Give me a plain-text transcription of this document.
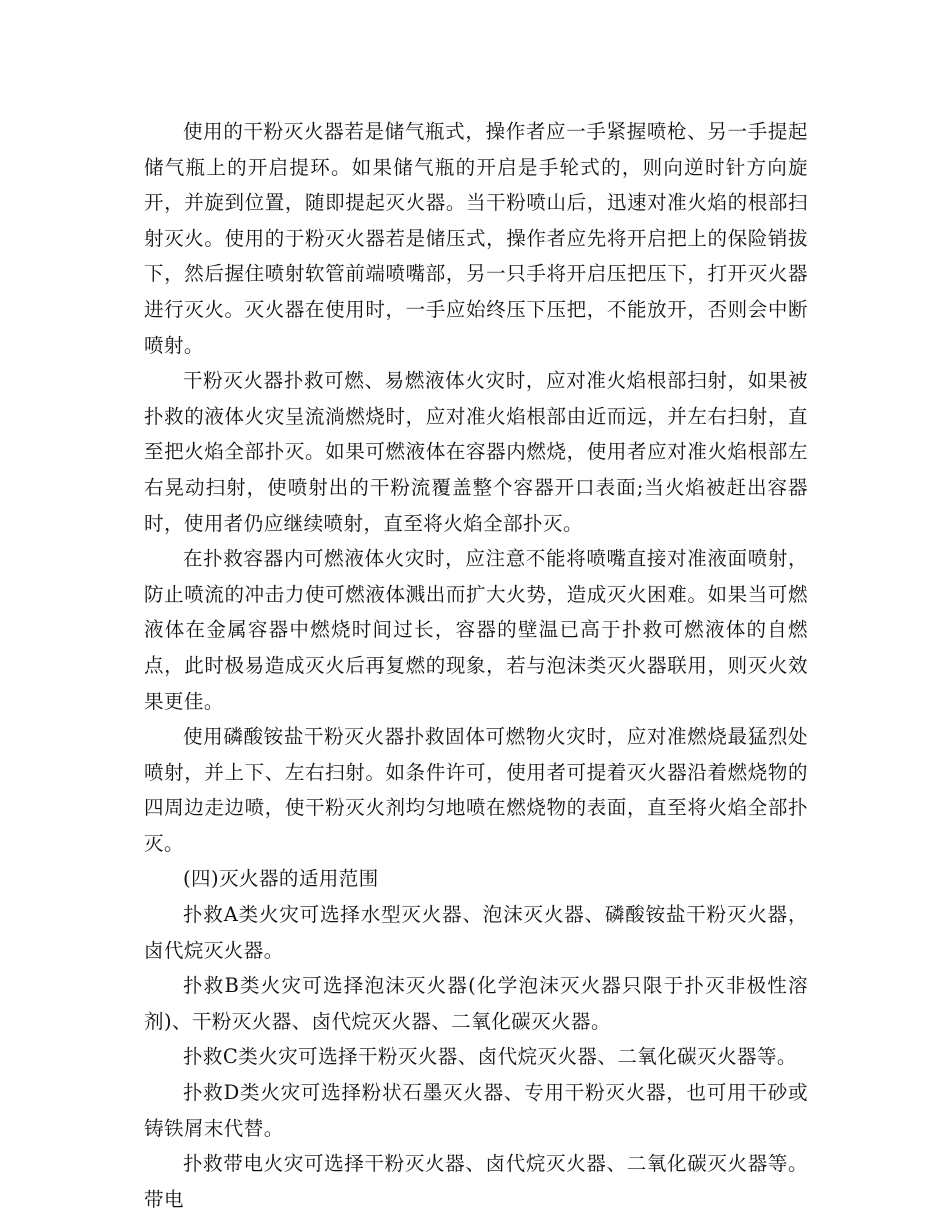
使用的干粉灭火器若是储气瓶式，操作者应一手紧握喷枪、另一手提起储气瓶上的开启提环。如果储气瓶的开启是手轮式的，则向逆时针方向旋开，并旋到位置，随即提起灭火器。当干粉喷山后，迅速对准火焰的根部扫射灭火。使用的于粉灭火器若是储压式，操作者应先将开启把上的保险销拔下，然后握住喷射软管前端喷嘴部，另一只手将开启压把压下，打开灭火器进行灭火。灭火器在使用时，一手应始终压下压把，不能放开，否则会中断喷射。

干粉灭火器扑救可燃、易燃液体火灾时，应对准火焰根部扫射，如果被扑救的液体火灾呈流淌燃烧时，应对准火焰根部由近而远，并左右扫射，直至把火焰全部扑灭。如果可燃液体在容器内燃烧，使用者应对准火焰根部左右晃动扫射，使喷射出的干粉流覆盖整个容器开口表面;当火焰被赶出容器时，使用者仍应继续喷射，直至将火焰全部扑灭。

在扑救容器内可燃液体火灾时，应注意不能将喷嘴直接对准液面喷射，防止喷流的冲击力使可燃液体溅出而扩大火势，造成灭火困难。如果当可燃液体在金属容器中燃烧时间过长，容器的壁温已高于扑救可燃液体的自燃点，此时极易造成灭火后再复燃的现象，若与泡沫类灭火器联用，则灭火效果更佳。

使用磷酸铵盐干粉灭火器扑救固体可燃物火灾时，应对准燃烧最猛烈处喷射，并上下、左右扫射。如条件许可，使用者可提着灭火器沿着燃烧物的四周边走边喷，使干粉灭火剂均匀地喷在燃烧物的表面，直至将火焰全部扑灭。

(四)灭火器的适用范围

扑救A类火灾可选择水型灭火器、泡沫灭火器、磷酸铵盐干粉灭火器，卤代烷灭火器。

扑救B类火灾可选择泡沫灭火器(化学泡沫灭火器只限于扑灭非极性溶剂)、干粉灭火器、卤代烷灭火器、二氧化碳灭火器。

扑救C类火灾可选择干粉灭火器、卤代烷灭火器、二氧化碳灭火器等。

扑救D类火灾可选择粉状石墨灭火器、专用干粉灭火器，也可用干砂或铸铁屑末代替。

扑救带电火灾可选择干粉灭火器、卤代烷灭火器、二氧化碳灭火器等。带电
